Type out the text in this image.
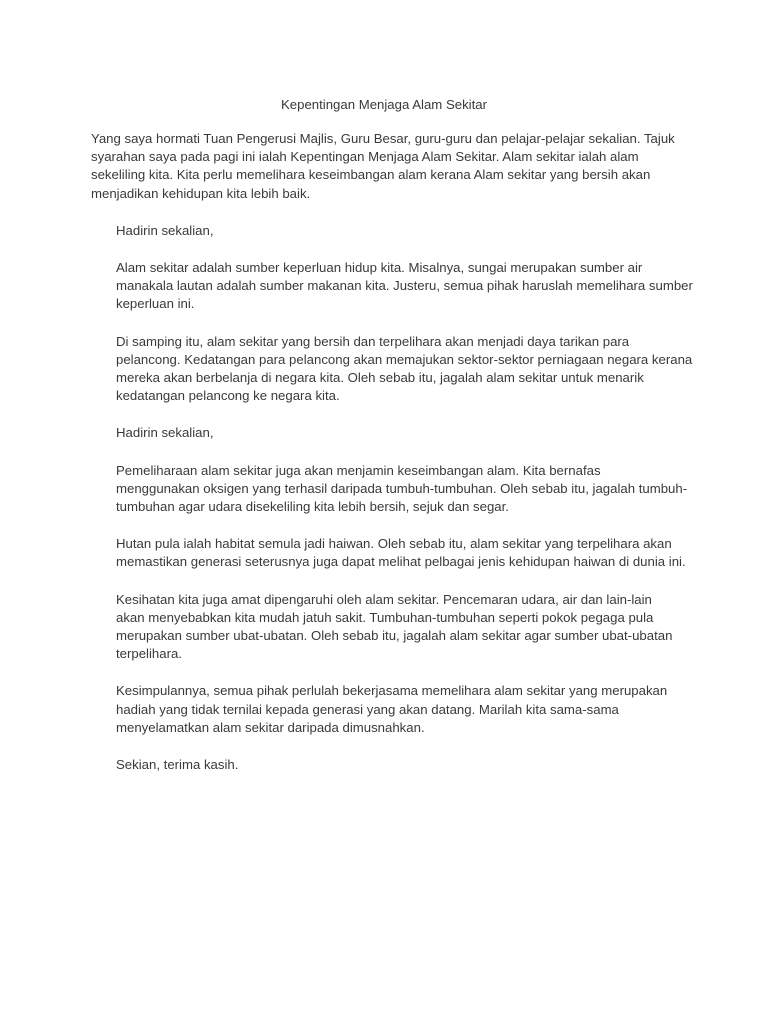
Kepentingan Menjaga Alam Sekitar

Yang saya hormati Tuan Pengerusi Majlis, Guru Besar, guru-guru dan pelajar-pelajar sekalian. Tajuk
syarahan saya pada pagi ini ialah Kepentingan Menjaga Alam Sekitar. Alam sekitar ialah alam
sekeliling kita. Kita perlu memelihara keseimbangan alam kerana Alam sekitar yang bersih akan
menjadikan kehidupan kita lebih baik.

Hadirin sekalian,

Alam sekitar adalah sumber keperluan hidup kita. Misalnya, sungai merupakan sumber air
manakala lautan adalah sumber makanan kita. Justeru, semua pihak haruslah memelihara sumber
keperluan ini.

Di samping itu, alam sekitar yang bersih dan terpelihara akan menjadi daya tarikan para
pelancong. Kedatangan para pelancong akan memajukan sektor-sektor perniagaan negara kerana
mereka akan berbelanja di negara kita. Oleh sebab itu, jagalah alam sekitar untuk menarik
kedatangan pelancong ke negara kita.

Hadirin sekalian,

Pemeliharaan alam sekitar juga akan menjamin keseimbangan alam. Kita bernafas
menggunakan oksigen yang terhasil daripada tumbuh-tumbuhan. Oleh sebab itu, jagalah tumbuh-
tumbuhan agar udara disekeliling kita lebih bersih, sejuk dan segar.

Hutan pula ialah habitat semula jadi haiwan. Oleh sebab itu, alam sekitar yang terpelihara akan
memastikan generasi seterusnya juga dapat melihat pelbagai jenis kehidupan haiwan di dunia ini.

Kesihatan kita juga amat dipengaruhi oleh alam sekitar. Pencemaran udara, air dan lain-lain
akan menyebabkan kita mudah jatuh sakit. Tumbuhan-tumbuhan seperti pokok pegaga pula
merupakan sumber ubat-ubatan. Oleh sebab itu, jagalah alam sekitar agar sumber ubat-ubatan
terpelihara.

Kesimpulannya, semua pihak perlulah bekerjasama memelihara alam sekitar yang merupakan
hadiah yang tidak ternilai kepada generasi yang akan datang. Marilah kita sama-sama
menyelamatkan alam sekitar daripada dimusnahkan.

Sekian, terima kasih.
